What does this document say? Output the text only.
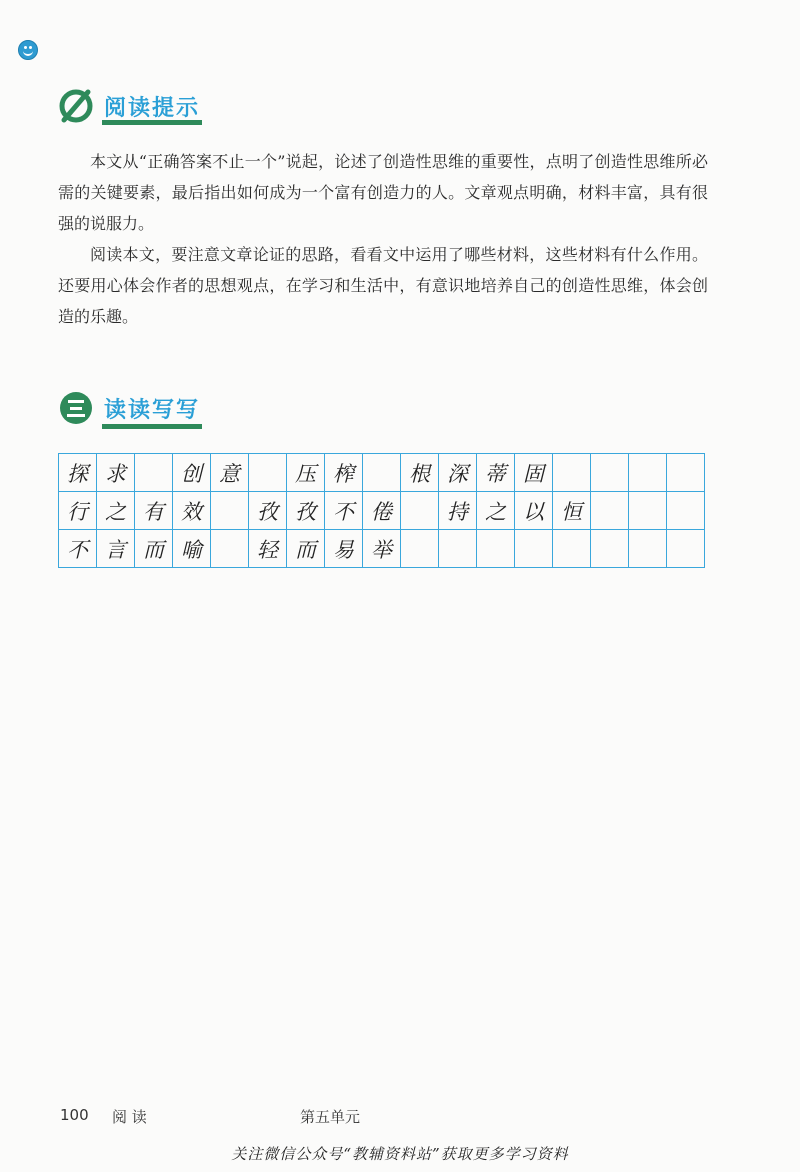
阅读提示

本文从“正确答案不止一个”说起，论述了创造性思维的重要性，点明了创造性思维所必需的关键要素，最后指出如何成为一个富有创造力的人。文章观点明确，材料丰富，具有很强的说服力。

阅读本文，要注意文章论证的思路，看看文中运用了哪些材料，这些材料有什么作用。还要用心体会作者的思想观点，在学习和生活中，有意识地培养自己的创造性思维，体会创造的乐趣。

读读写写
探	求		创	意		压	榨		根	深	蒂	固				
行	之	有	效		孜	孜	不	倦		持	之	以	恒			
不	言	而	喻		轻	而	易	举								
100 阅 读	第五单元
关注微信公众号“教辅资料站”获取更多学习资料
